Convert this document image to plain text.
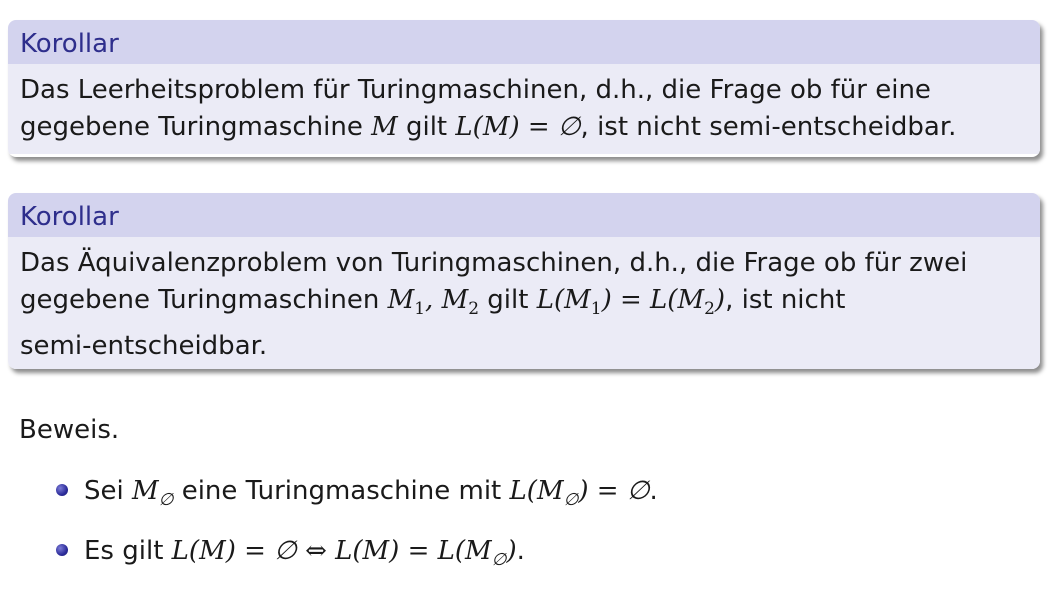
Korollar
Das Leerheitsproblem für Turingmaschinen, d.h., die Frage ob für eine
gegebene Turingmaschine M gilt L(M) = ∅, ist nicht semi-entscheidbar.
Korollar
Das Äquivalenzproblem von Turingmaschinen, d.h., die Frage ob für zwei
gegebene Turingmaschinen $M_1$, $M_2$ gilt $L(M_1) = L(M_2)$, ist nicht
semi-entscheidbar.
Beweis.
Sei $M_\emptyset$ eine Turingmaschine mit $L(M_\emptyset)$ = ∅.
Es gilt L(M) = ∅ ⇔ $L(M) = L(M_\emptyset)$.
